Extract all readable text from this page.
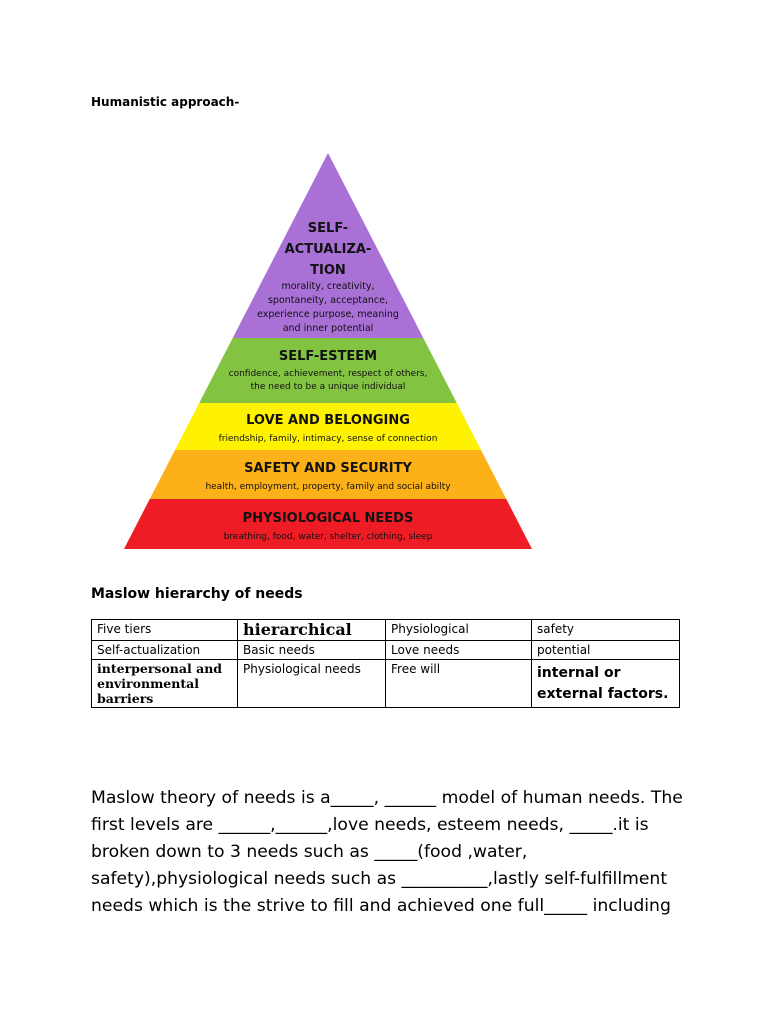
Humanistic approach-

SELF-
ACTUALIZA-
TION
morality, creativity,
spontaneity, acceptance,
experience purpose, meaning
and inner potential
SELF-ESTEEM
confidence, achievement, respect of others,
the need to be a unique individual
LOVE AND BELONGING
friendship, family, intimacy, sense of connection
SAFETY AND SECURITY
health, employment, property, family and social abilty
PHYSIOLOGICAL NEEDS
breathing, food, water, shelter, clothing, sleep

Maslow hierarchy of needs

Five tiers	hierarchical	Physiological	safety
Self-actualization	Basic needs	Love needs	potential
interpersonal and environmental barriers	Physiological needs	Free will	internal or external factors.

Maslow theory of needs is a_____, ______ model of human needs. The
first levels are ______,______,love needs, esteem needs, _____.it is
broken down to 3 needs such as _____(food ,water,
safety),physiological needs such as __________,lastly self-fulfillment
needs which is the strive to fill and achieved one full_____ including
